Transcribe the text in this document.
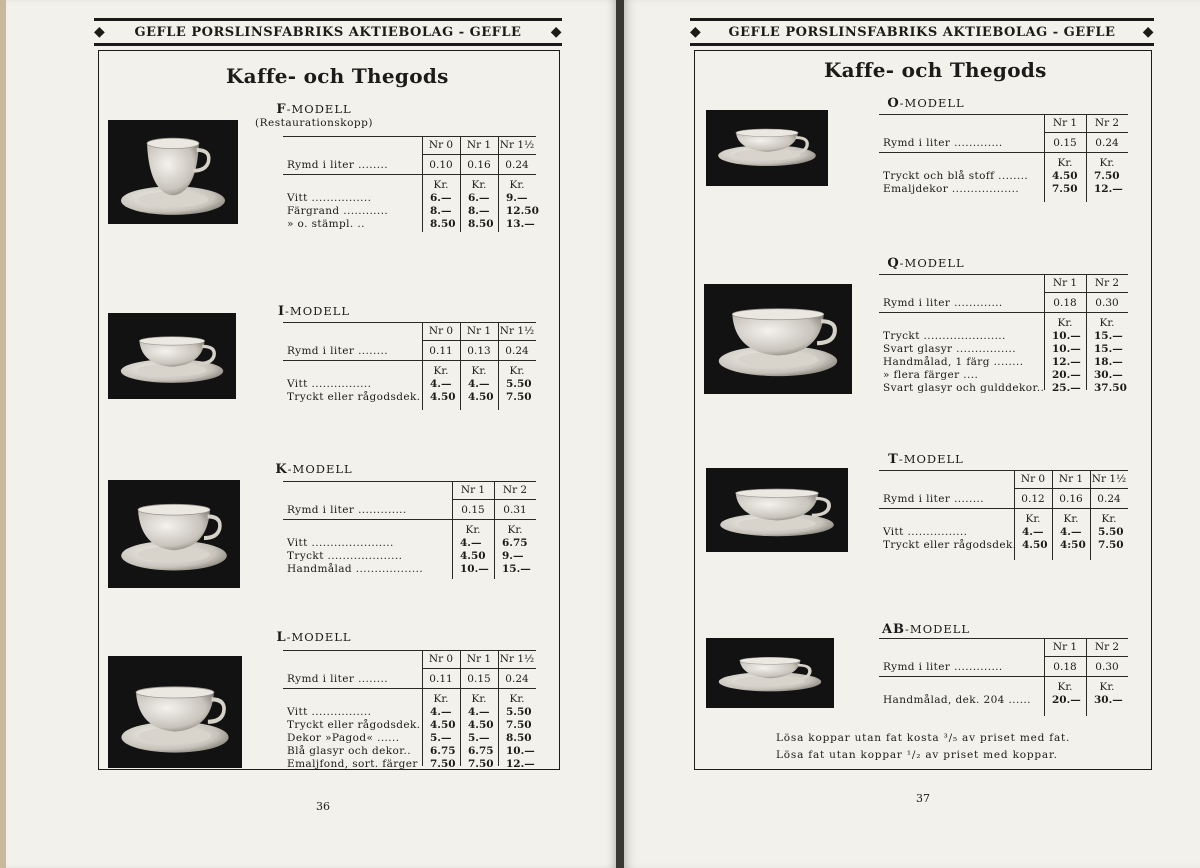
◆	GEFLE PORSLINSFABRIKS AKTIEBOLAG - GEFLE	◆
Kaffe- och Thegods
36
F-MODELL
(Restaurationskopp)
Nr 0	Nr 1 Nr 1½
Rymd i liter ........	0.10	0.16	0.24
Kr.	Kr.	Kr.
Vitt ................	6.—	6.—	9.—
Färgrand ............	8.—	8.—	12.50
» o. stämpl. ..	8.50	8.50	13.—
I-MODELL
Nr 0	Nr 1 Nr 1½
Rymd i liter ........	0.11	0.13	0.24
Kr.	Kr.	Kr.
Vitt ................	4.—	4.—	5.50
Tryckt eller rågodsdek. 4.50	4.50	7.50
K-MODELL
Nr 1	Nr 2
Rymd i liter .............	0.15	0.31
Kr.	Kr.
Vitt ......................	4.—	6.75
Tryckt ....................	4.50	9.—
Handmålad ..................	10.—	15.—
L-MODELL
Nr 0	Nr 1 Nr 1½
Rymd i liter ........	0.11	0.15	0.24
Kr.	Kr.	Kr.
Vitt ................	4.—	4.—	5.50
Tryckt eller rågodsdek. 4.50	4.50	7.50
Dekor »Pagod« ......	5.—	5.—	8.50
Blå glasyr och dekor..	6.75	6.75	10.—
Emaljfond, sort. färger	7.50	7.50	12.—
◆	GEFLE PORSLINSFABRIKS AKTIEBOLAG - GEFLE	◆
Kaffe- och Thegods
Lösa koppar utan fat kosta ³/₅ av priset med fat.
Lösa fat utan koppar ¹/₂ av priset med koppar.
37
O-MODELL
Nr 1	Nr 2
Rymd i liter .............	0.15	0.24
Kr.	Kr.
Tryckt och blå stoff ........	4.50	7.50
Emaljdekor ..................	7.50	12.—
Q-MODELL
Nr 1	Nr 2
Rymd i liter .............	0.18	0.30
Kr.	Kr.
Tryckt ......................	10.—	15.—
Svart glasyr ................	10.—	15.—
Handmålad, 1 färg ........	12.—	18.—
» flera färger ....	20.—	30.—
Svart glasyr och gulddekor.. 25.—	37.50
T-MODELL
Nr 0	Nr 1 Nr 1½
Rymd i liter ........	0.12	0.16	0.24
Kr.	Kr.	Kr.
Vitt ................	4.—	4.—	5.50
Tryckt eller rågodsdek. 4.50	4:50	7.50
AB-MODELL
Nr 1	Nr 2
Rymd i liter .............	0.18	0.30
Kr.	Kr.
Handmålad, dek. 204 ......	20.—	30.—
